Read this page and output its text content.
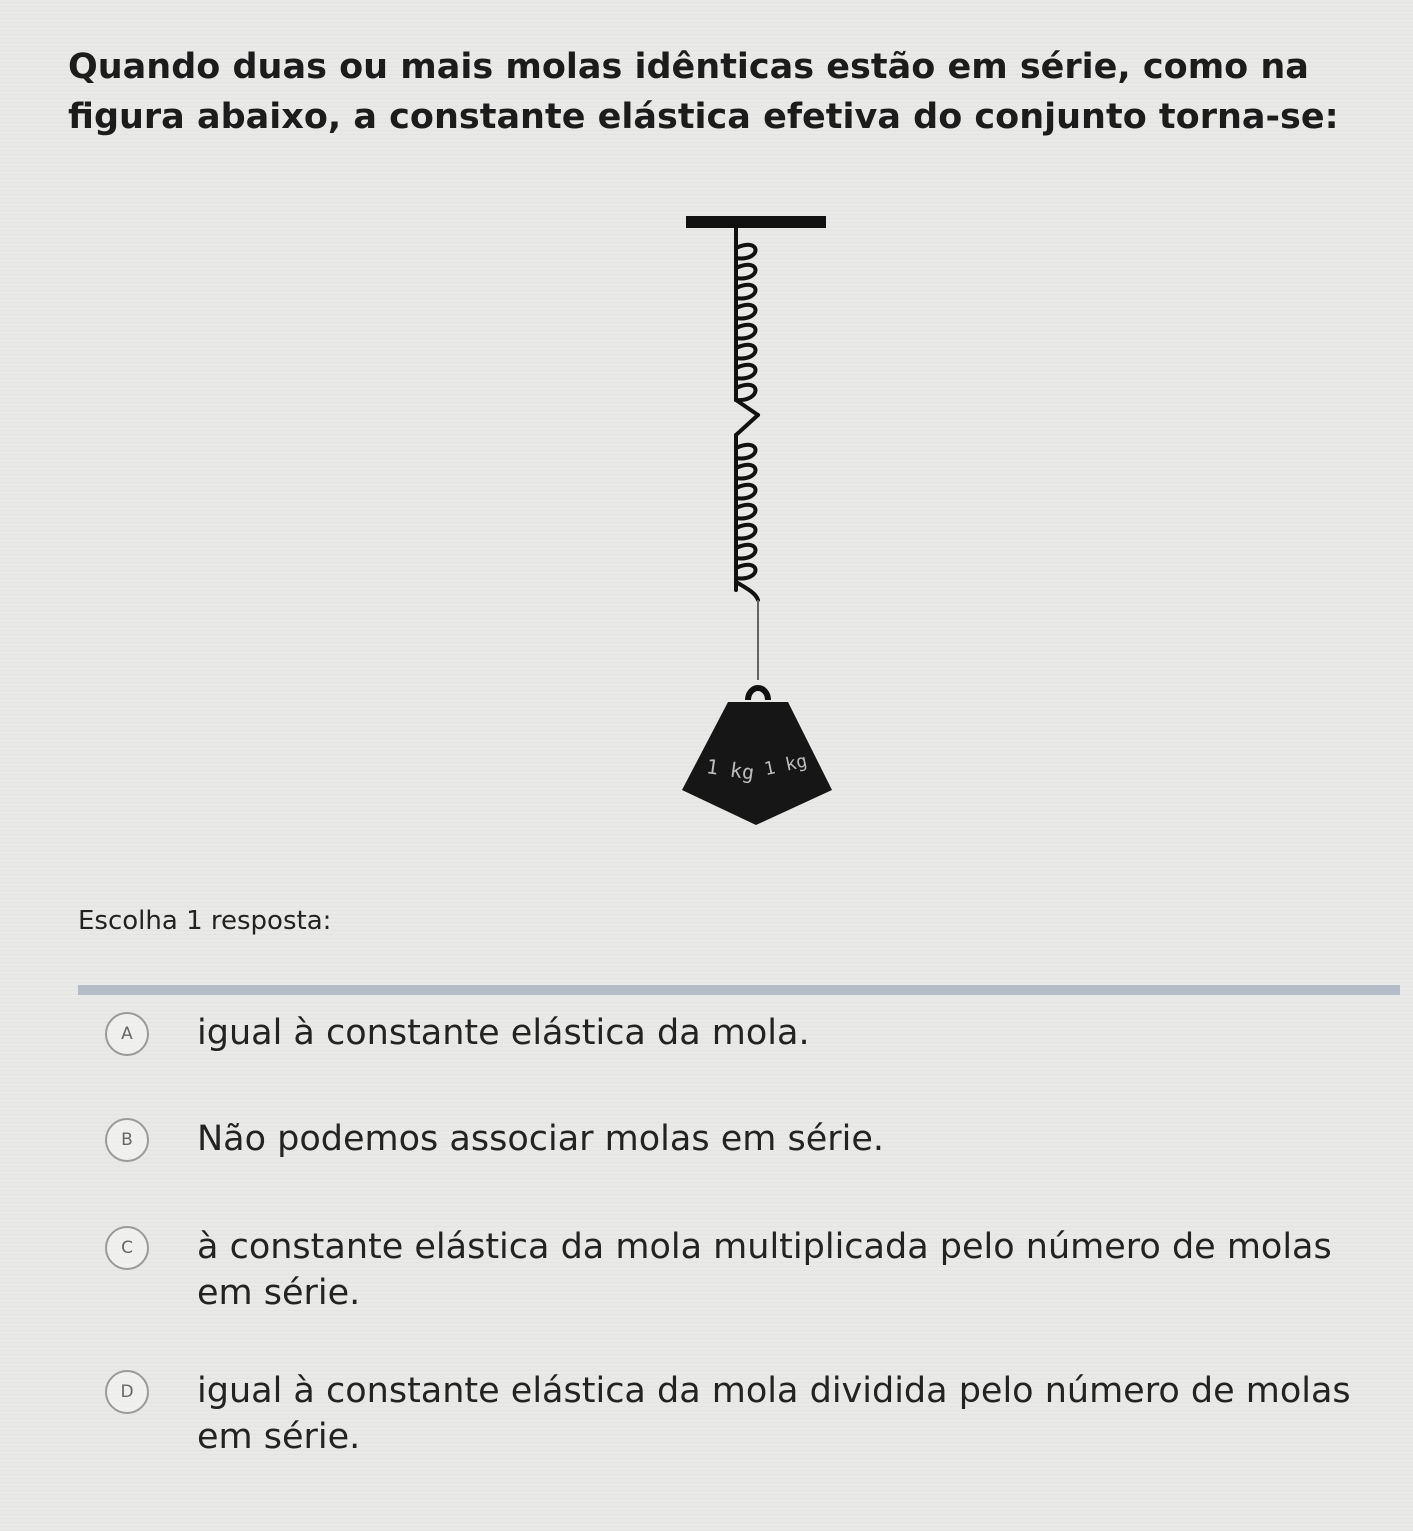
Quando duas ou mais molas idênticas estão em série, como na figura abaixo, a constante elástica efetiva do conjunto torna-se:
1 kg 1 kg
Escolha 1 resposta:
A	igual à constante elástica da mola.
B	Não podemos associar molas em série.
C	à constante elástica da mola multiplicada pelo número de molas em série.
D	igual à constante elástica da mola dividida pelo número de molas em série.
